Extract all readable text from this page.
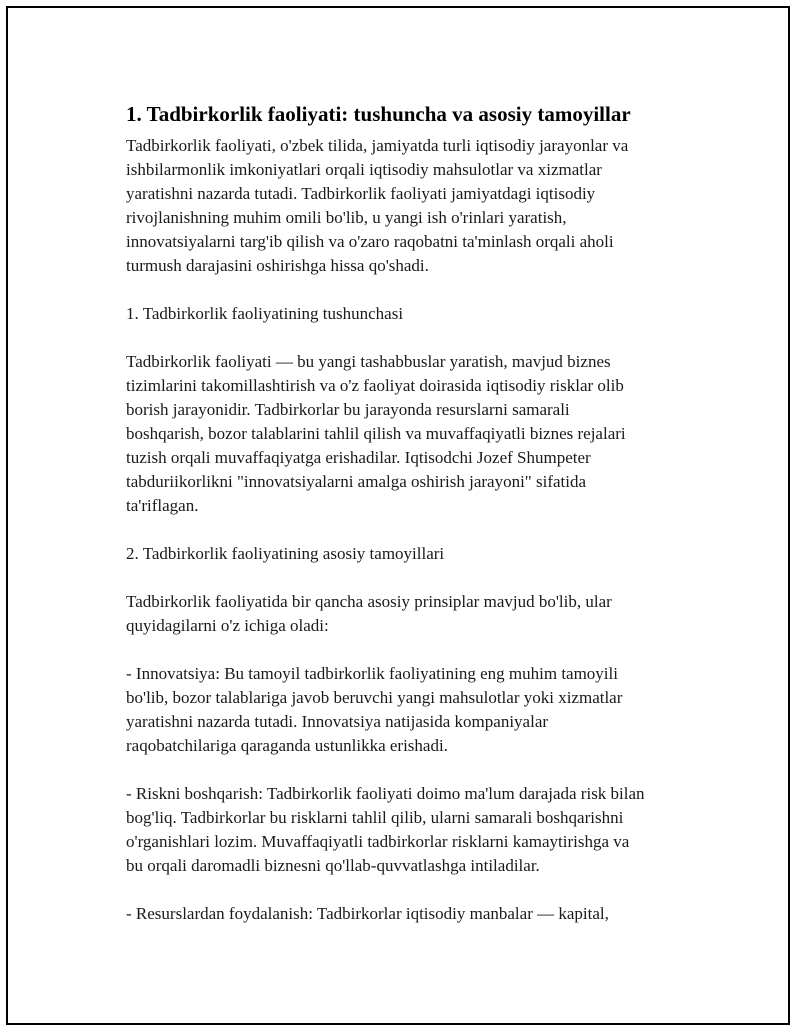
1. Tadbirkorlik faoliyati: tushuncha va asosiy tamoyillar

Tadbirkorlik faoliyati, o'zbek tilida, jamiyatda turli iqtisodiy jarayonlar va
ishbilarmonlik imkoniyatlari orqali iqtisodiy mahsulotlar va xizmatlar
yaratishni nazarda tutadi. Tadbirkorlik faoliyati jamiyatdagi iqtisodiy
rivojlanishning muhim omili bo'lib, u yangi ish o'rinlari yaratish,
innovatsiyalarni targ'ib qilish va o'zaro raqobatni ta'minlash orqali aholi
turmush darajasini oshirishga hissa qo'shadi.

1. Tadbirkorlik faoliyatining tushunchasi

Tadbirkorlik faoliyati — bu yangi tashabbuslar yaratish, mavjud biznes
tizimlarini takomillashtirish va o'z faoliyat doirasida iqtisodiy risklar olib
borish jarayonidir. Tadbirkorlar bu jarayonda resurslarni samarali
boshqarish, bozor talablarini tahlil qilish va muvaffaqiyatli biznes rejalari
tuzish orqali muvaffaqiyatga erishadilar. Iqtisodchi Jozef Shumpeter
tabduriikorlikni "innovatsiyalarni amalga oshirish jarayoni" sifatida
ta'riflagan.

2. Tadbirkorlik faoliyatining asosiy tamoyillari

Tadbirkorlik faoliyatida bir qancha asosiy prinsiplar mavjud bo'lib, ular
quyidagilarni o'z ichiga oladi:

- Innovatsiya: Bu tamoyil tadbirkorlik faoliyatining eng muhim tamoyili
bo'lib, bozor talablariga javob beruvchi yangi mahsulotlar yoki xizmatlar
yaratishni nazarda tutadi. Innovatsiya natijasida kompaniyalar
raqobatchilariga qaraganda ustunlikka erishadi.

- Riskni boshqarish: Tadbirkorlik faoliyati doimo ma'lum darajada risk bilan
bog'liq. Tadbirkorlar bu risklarni tahlil qilib, ularni samarali boshqarishni
o'rganishlari lozim. Muvaffaqiyatli tadbirkorlar risklarni kamaytirishga va
bu orqali daromadli biznesni qo'llab-quvvatlashga intiladilar.

- Resurslardan foydalanish: Tadbirkorlar iqtisodiy manbalar — kapital,
